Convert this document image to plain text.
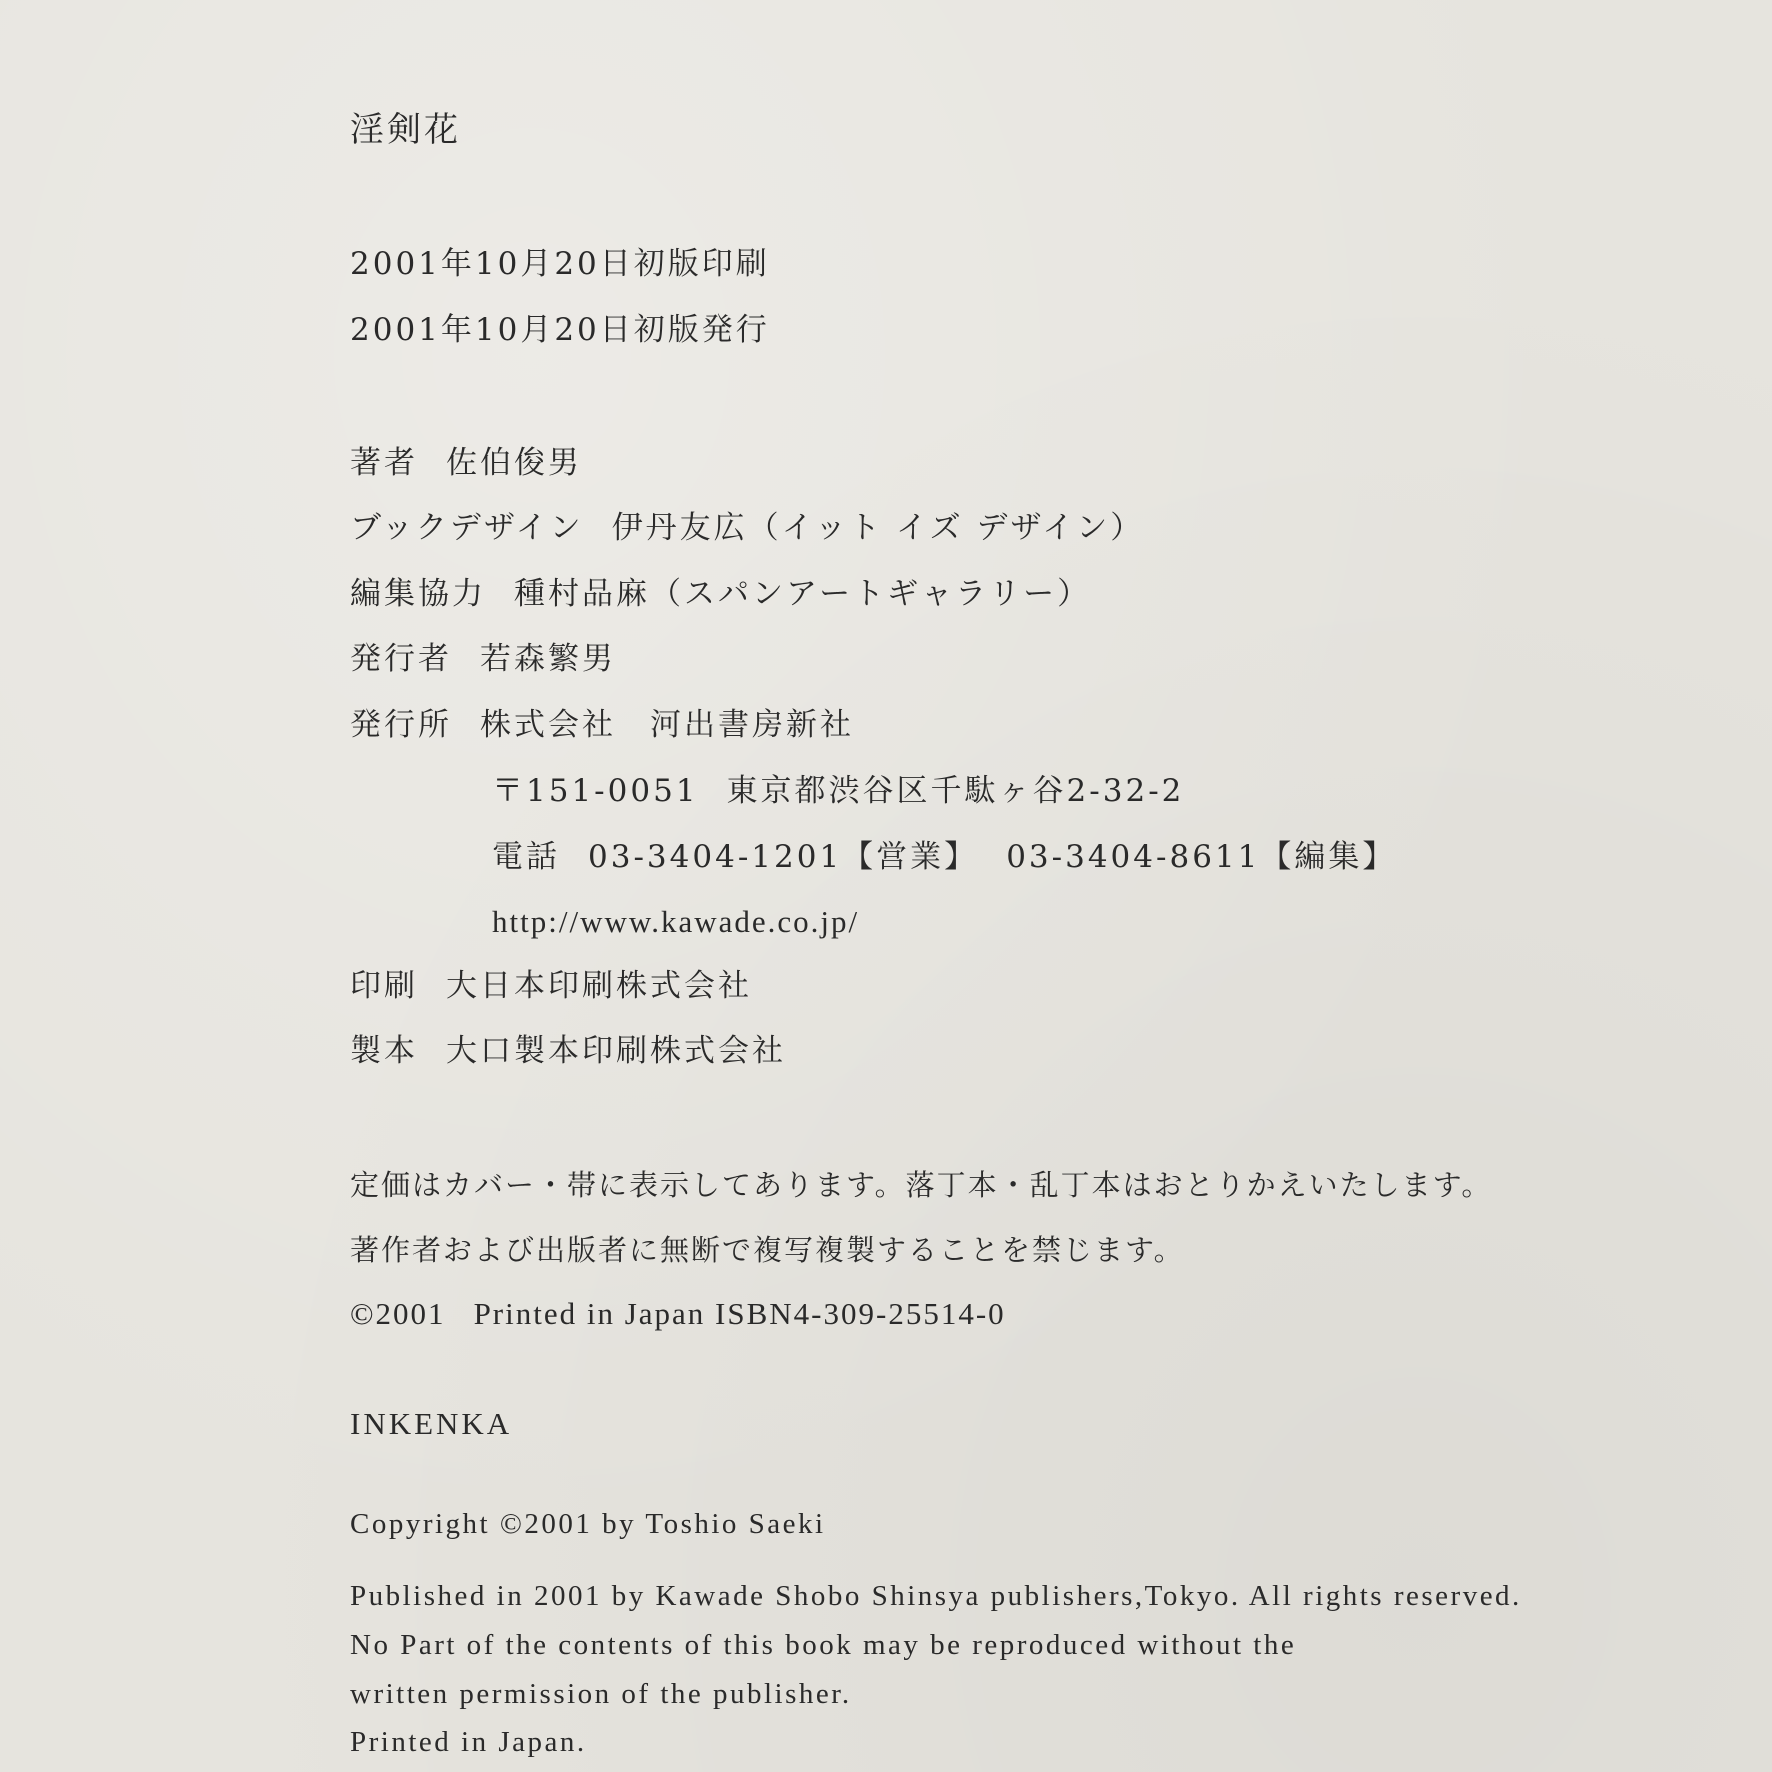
淫剣花
2001年10月20日初版印刷
2001年10月20日初版発行
著者 佐伯俊男
ブックデザイン 伊丹友広（イット イズ デザイン）
編集協力 種村品麻（スパンアートギャラリー）
発行者 若森繁男
発行所 株式会社　河出書房新社
〒151-0051 東京都渋谷区千駄ヶ谷2-32-2
電話 03-3404-1201【営業】 03-3404-8611【編集】
http://www.kawade.co.jp/
印刷 大日本印刷株式会社
製本 大口製本印刷株式会社
定価はカバー・帯に表示してあります。落丁本・乱丁本はおとりかえいたします。
著作者および出版者に無断で複写複製することを禁じます。
©2001 Printed in Japan ISBN4-309-25514-0
INKENKA
Copyright ©2001 by Toshio Saeki
Published in 2001 by Kawade Shobo Shinsya publishers,Tokyo. All rights reserved.
No Part of the contents of this book may be reproduced without the
written permission of the publisher.
Printed in Japan.
